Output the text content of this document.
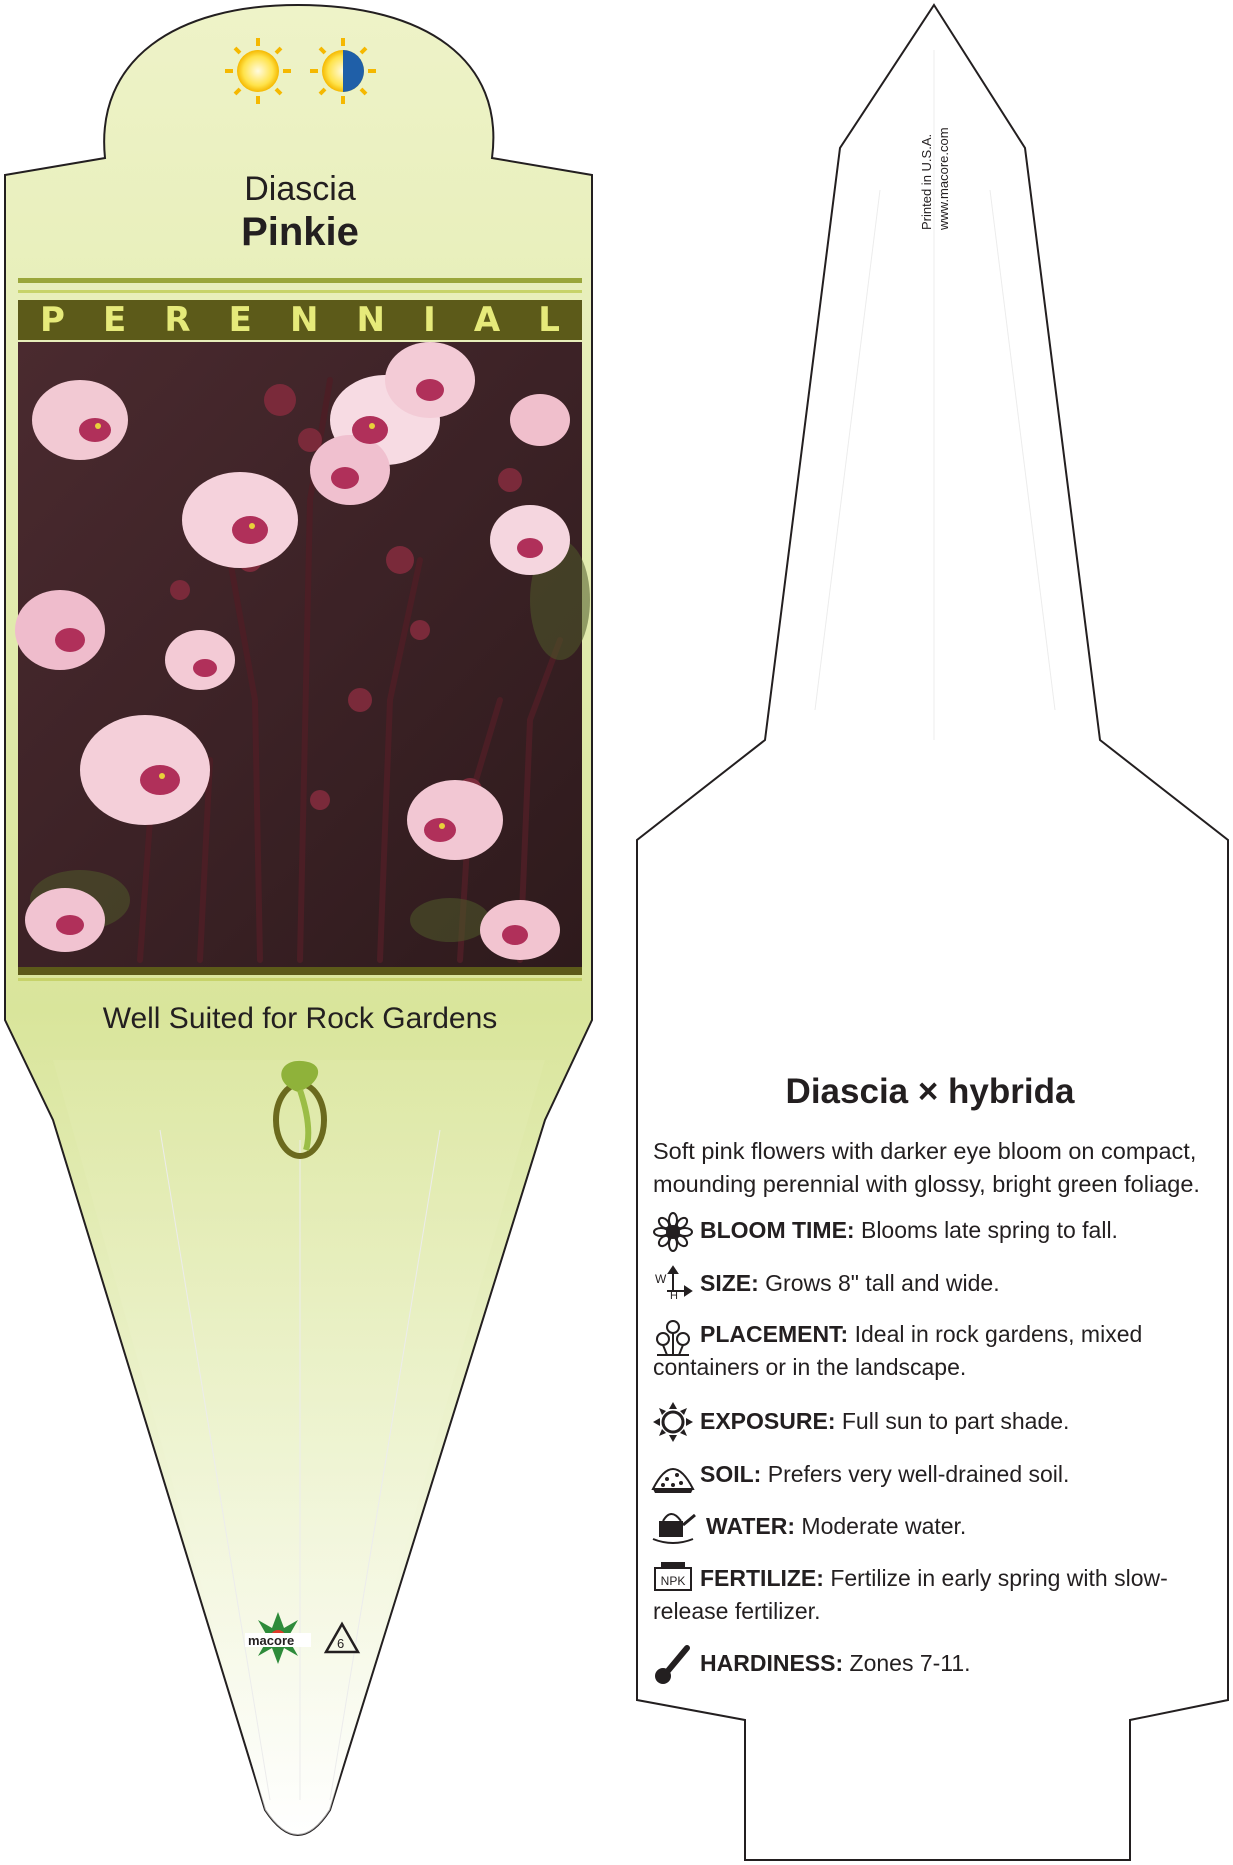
NPK
Diascia
Pinkie
P E R E N N I A L
Well Suited for Rock Gardens
macore	6
Printed in U.S.A. www.macore.com
Diascia × hybrida
Soft pink flowers with darker eye bloom on compact, mounding perennial with glossy, bright green foliage.
BLOOM TIME: Blooms late spring to fall.
W
H SIZE: Grows 8" tall and wide.
PLACEMENT: Ideal in rock gardens, mixed containers or in the landscape.
EXPOSURE: Full sun to part shade.
SOIL: Prefers very well-drained soil.
WATER: Moderate water.
FERTILIZE: Fertilize in early spring with slow-release fertilizer.
HARDINESS: Zones 7-11.
